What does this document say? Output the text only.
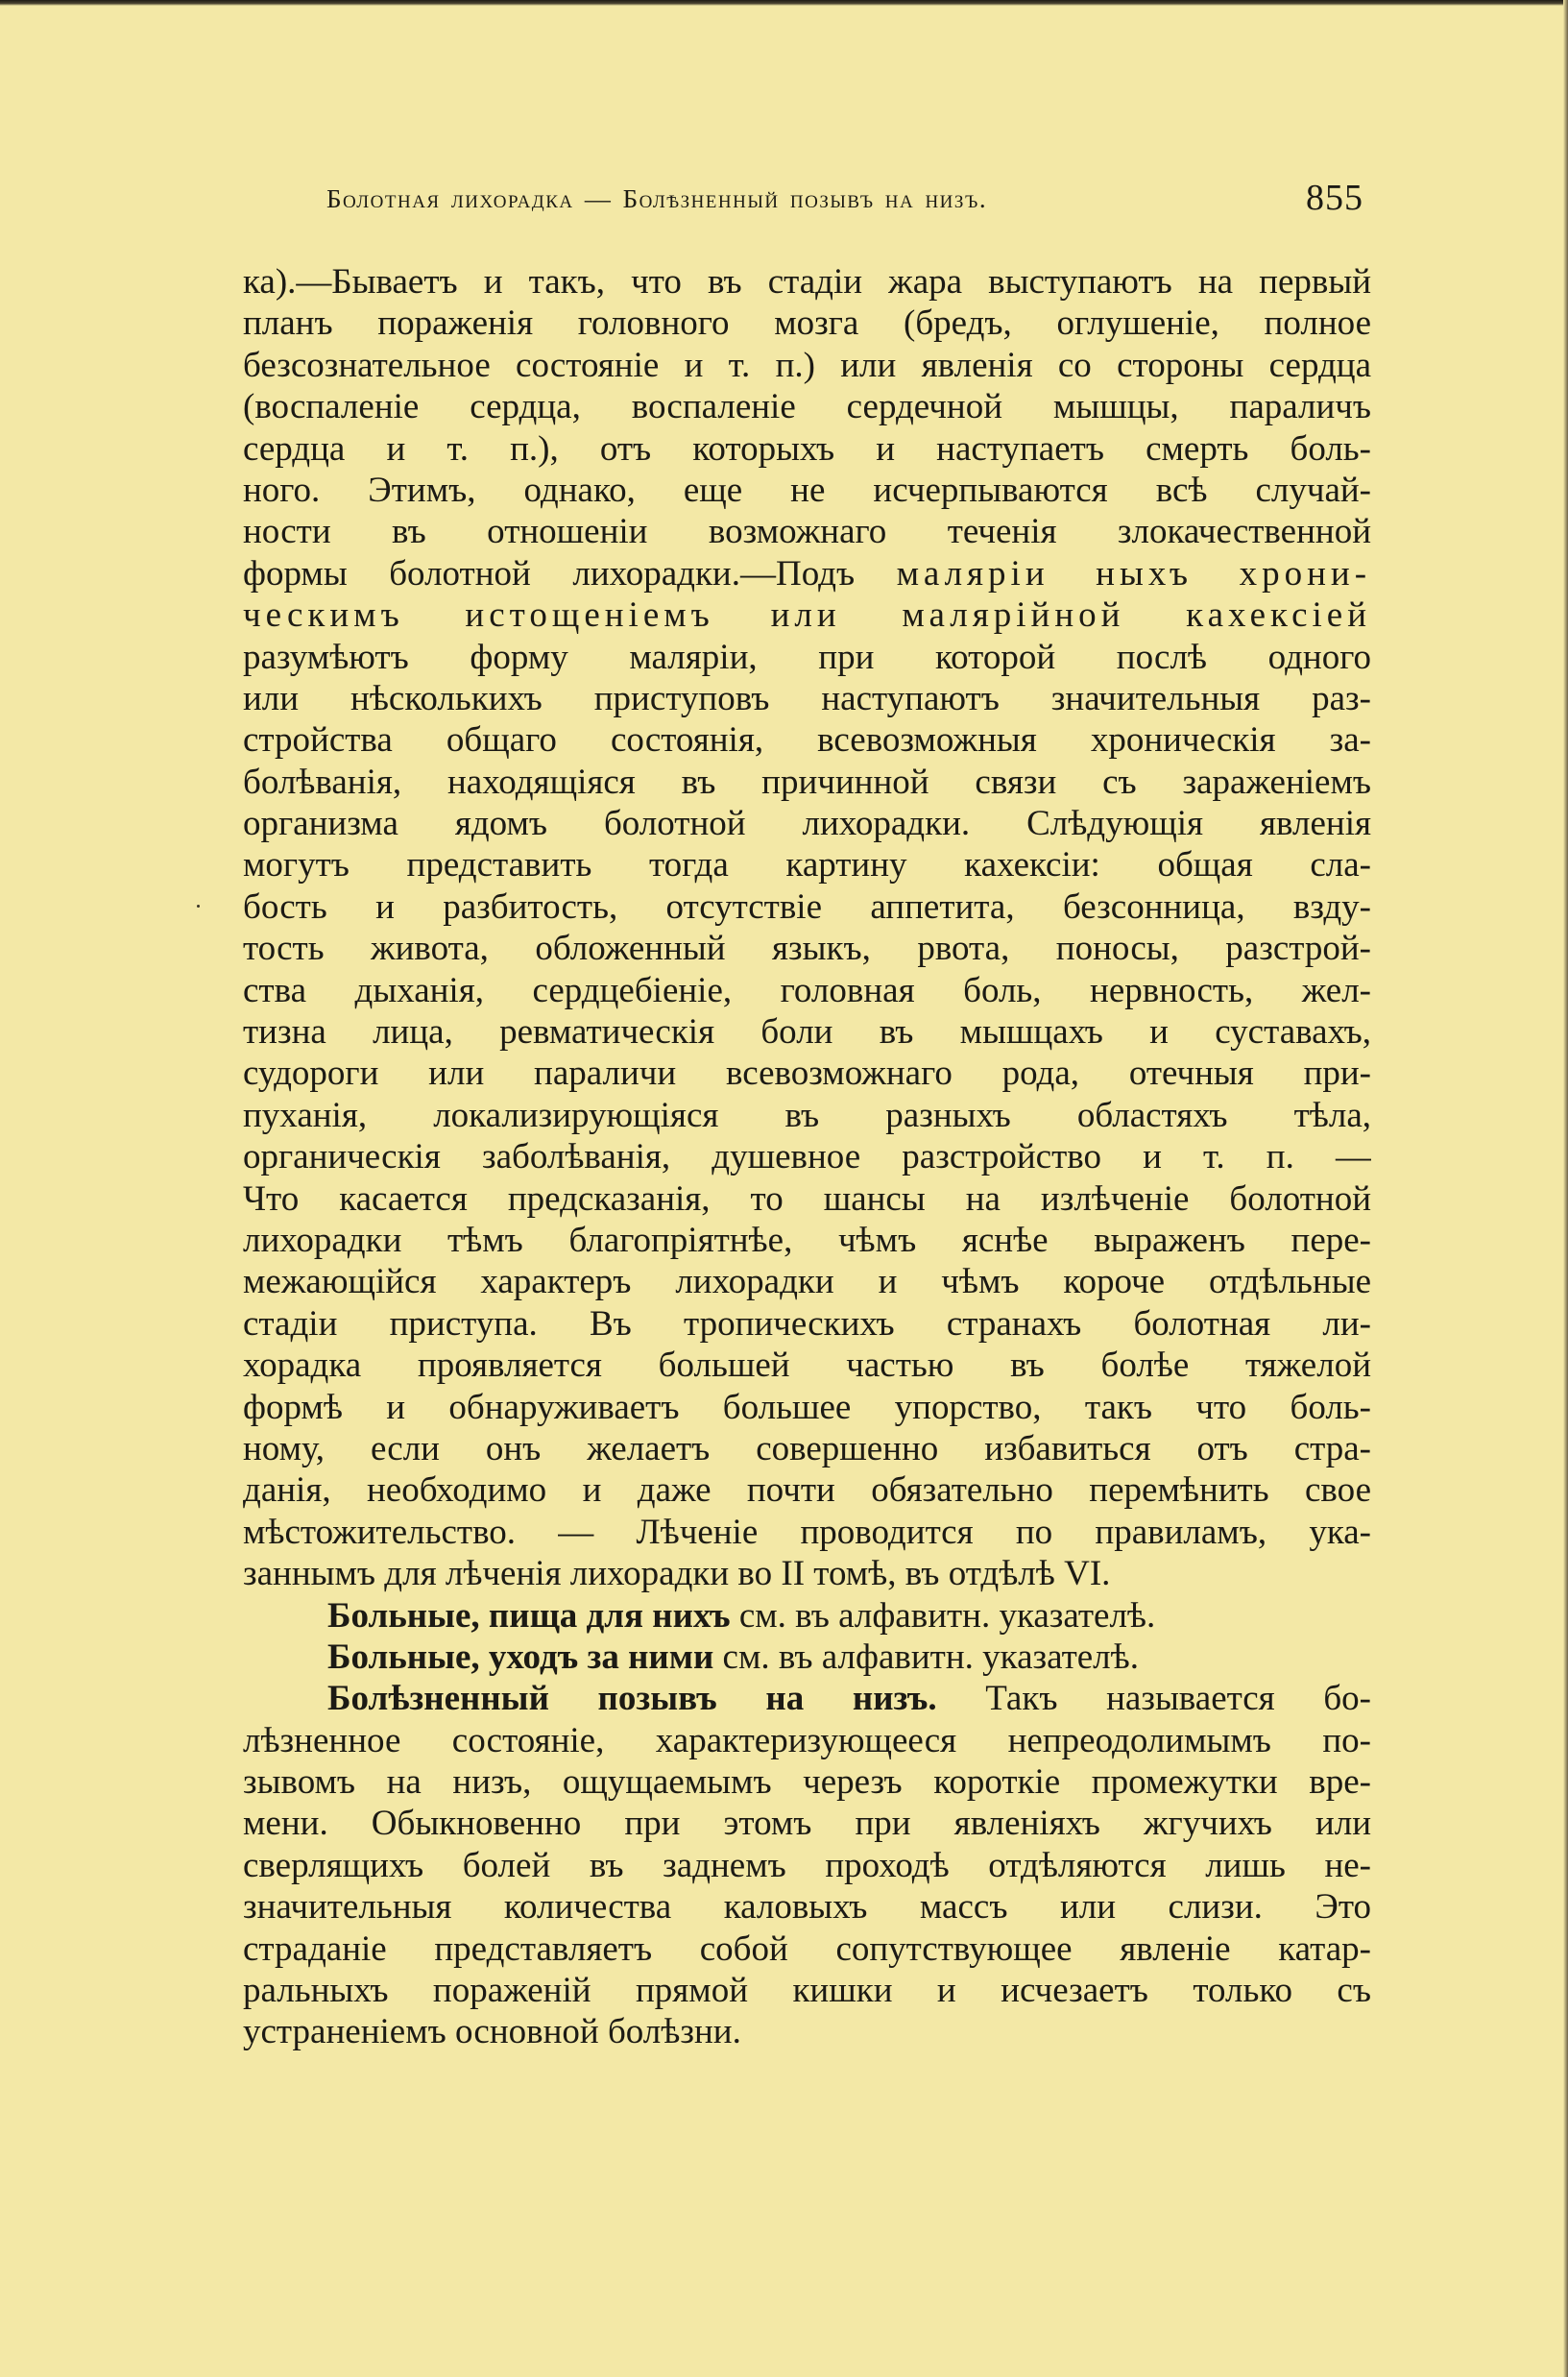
Болотная лихорадка — Болѣзненный позывъ на низъ.	855
ка).—Бываетъ и такъ, что въ стадіи жара выступаютъ на первый
планъ пораженія головного мозга (бредъ, оглушеніе, полное
безсознательное состояніе и т. п.) или явленія со стороны сердца
(воспаленіе сердца, воспаленіе сердечной мышцы, параличъ
сердца и т. п.), отъ которыхъ и наступаетъ смерть боль-
ного. Этимъ, однако, еще не исчерпываются всѣ случай-
ности въ отношеніи возможнаго теченія злокачественной
формы болотной лихорадки.—Подъ маляріи ныхъ хрони-
ческимъ истощеніемъ или малярійной кахексіей
разумѣютъ форму маляріи, при которой послѣ одного
или нѣсколькихъ приступовъ наступаютъ значительныя раз-
стройства общаго состоянія, всевозможныя хроническія за-
болѣванія, находящіяся въ причинной связи съ зараженіемъ
организма ядомъ болотной лихорадки. Слѣдующія явленія
могутъ представить тогда картину кахексіи: общая сла-
бость и разбитость, отсутствіе аппетита, безсонница, взду-
тость живота, обложенный языкъ, рвота, поносы, разстрой-
ства дыханія, сердцебіеніе, головная боль, нервность, жел-
тизна лица, ревматическія боли въ мышцахъ и суставахъ,
судороги или параличи всевозможнаго рода, отечныя при-
пуханія, локализирующіяся въ разныхъ областяхъ тѣла,
органическія заболѣванія, душевное разстройство и т. п. —
Что касается предсказанія, то шансы на излѣченіе болотной
лихорадки тѣмъ благопріятнѣе, чѣмъ яснѣе выраженъ пере-
межающійся характеръ лихорадки и чѣмъ короче отдѣльные
стадіи приступа. Въ тропическихъ странахъ болотная ли-
хорадка проявляется большей частью въ болѣе тяжелой
формѣ и обнаруживаетъ большее упорство, такъ что боль-
ному, если онъ желаетъ совершенно избавиться отъ стра-
данія, необходимо и даже почти обязательно перемѣнить свое
мѣстожительство. — Лѣченіе проводится по правиламъ, ука-
заннымъ для лѣченія лихорадки во II томѣ, въ отдѣлѣ VI.
Больные, пища для нихъ см. въ алфавитн. указателѣ.
Больные, уходъ за ними см. въ алфавитн. указателѣ.
Болѣзненный позывъ на низъ. Такъ называется бо-
лѣзненное состояніе, характеризующееся непреодолимымъ по-
зывомъ на низъ, ощущаемымъ черезъ короткіе промежутки вре-
мени. Обыкновенно при этомъ при явленіяхъ жгучихъ или
сверлящихъ болей въ заднемъ проходѣ отдѣляются лишь не-
значительныя количества каловыхъ массъ или слизи. Это
страданіе представляетъ собой сопутствующее явленіе катар-
ральныхъ пораженій прямой кишки и исчезаетъ только съ
устраненіемъ основной болѣзни.
